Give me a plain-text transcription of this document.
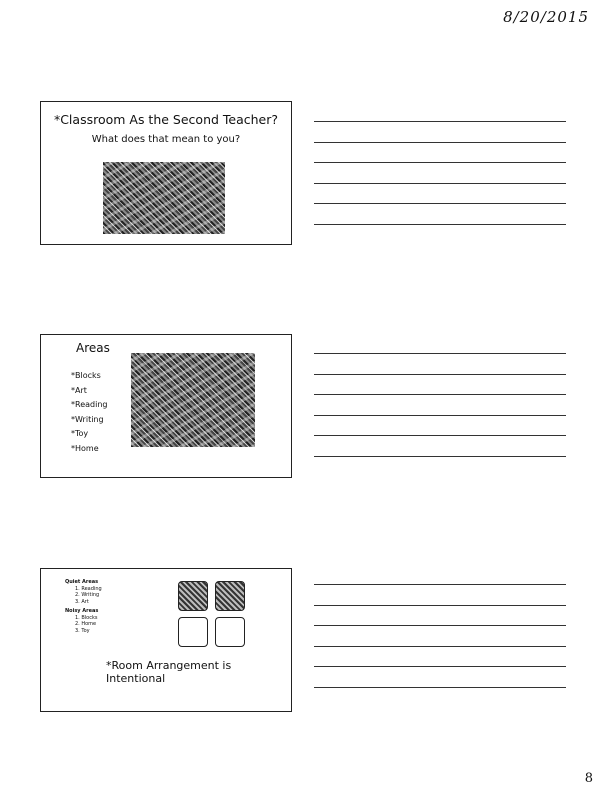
8/20/2015
*Classroom As the Second Teacher?
What does that mean to you?
Areas
*Blocks
*Art
*Reading
*Writing
*Toy
*Home
Quiet Areas
1. Reading
2. Writing
3. Art
Noisy Areas
1. Blocks
2. Home
3. Toy
*Room Arrangement is Intentional
8
